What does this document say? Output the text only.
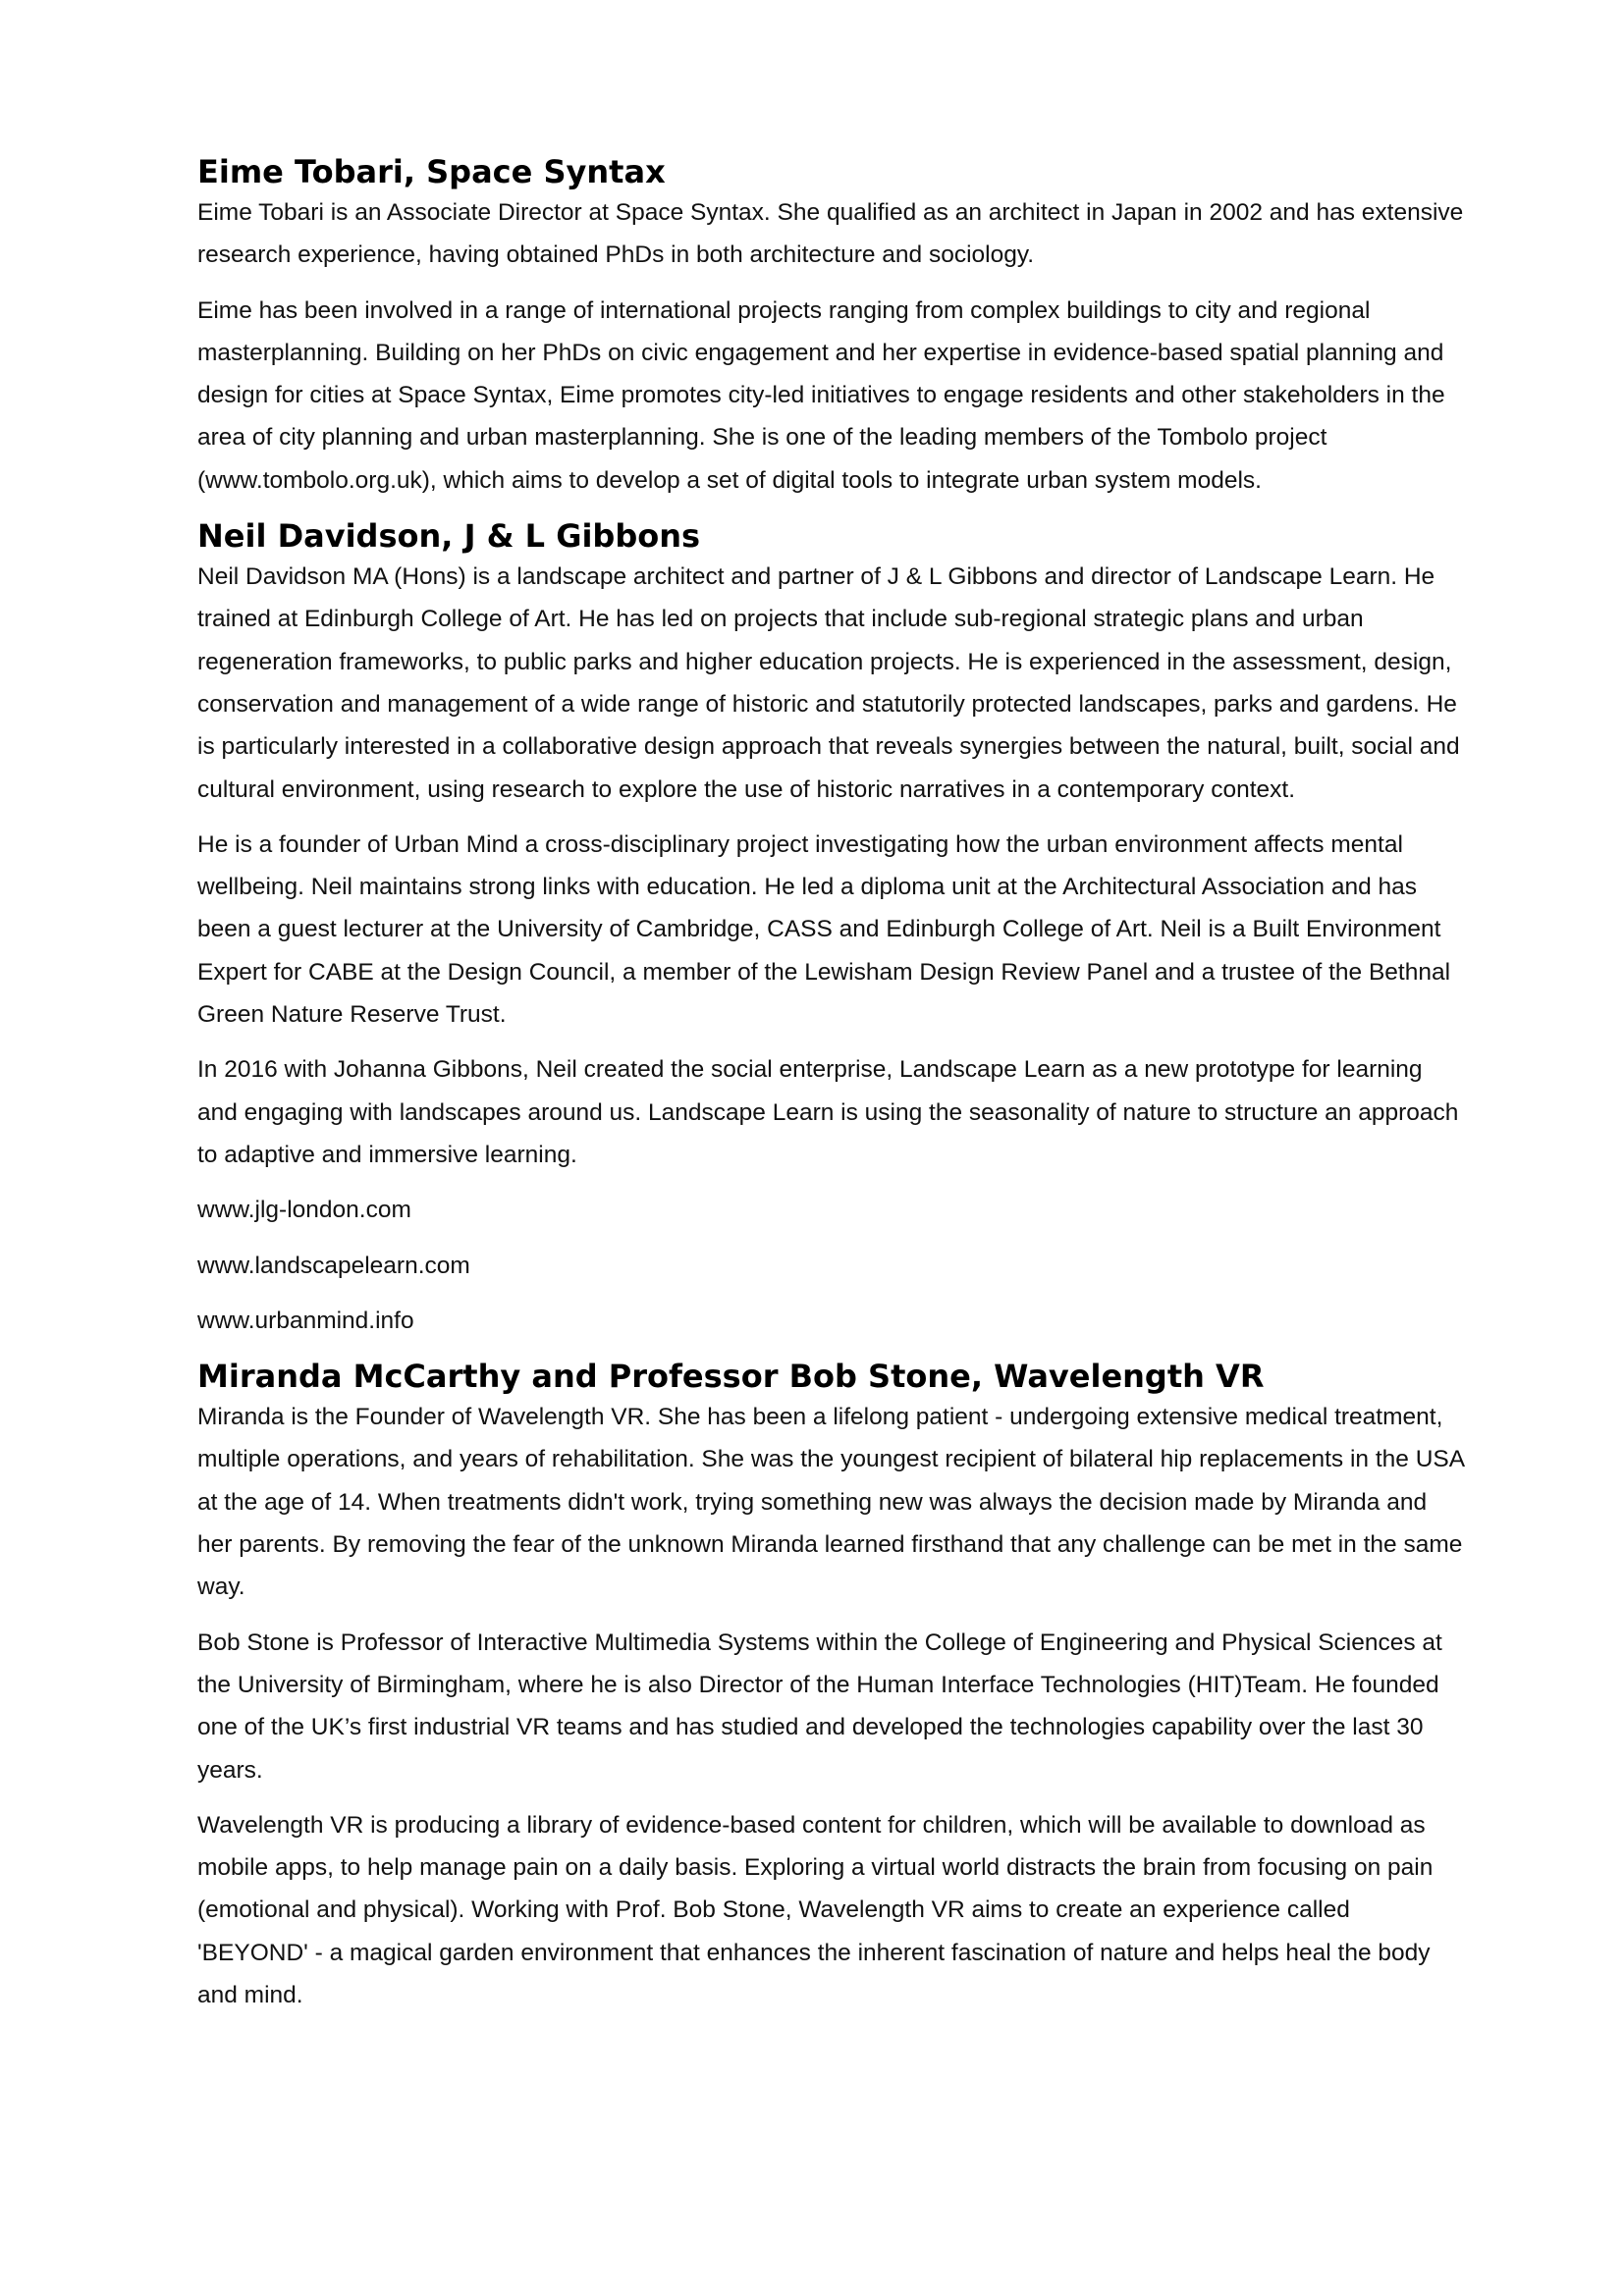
Eime Tobari, Space Syntax

Eime Tobari is an Associate Director at Space Syntax. She qualified as an architect in Japan in 2002 and has extensive research experience, having obtained PhDs in both architecture and sociology.

Eime has been involved in a range of international projects ranging from complex buildings to city and regional masterplanning. Building on her PhDs on civic engagement and her expertise in evidence-based spatial planning and design for cities at Space Syntax, Eime promotes city-led initiatives to engage residents and other stakeholders in the area of city planning and urban masterplanning. She is one of the leading members of the Tombolo project (www.tombolo.org.uk), which aims to develop a set of digital tools to integrate urban system models.

Neil Davidson, J & L Gibbons

Neil Davidson MA (Hons) is a landscape architect and partner of J & L Gibbons and director of Landscape Learn. He trained at Edinburgh College of Art. He has led on projects that include sub-regional strategic plans and urban regeneration frameworks, to public parks and higher education projects. He is experienced in the assessment, design, conservation and management of a wide range of historic and statutorily protected landscapes, parks and gardens. He is particularly interested in a collaborative design approach that reveals synergies between the natural, built, social and cultural environment, using research to explore the use of historic narratives in a contemporary context.

He is a founder of Urban Mind a cross-disciplinary project investigating how the urban environment affects mental wellbeing. Neil maintains strong links with education. He led a diploma unit at the Architectural Association and has been a guest lecturer at the University of Cambridge, CASS and Edinburgh College of Art. Neil is a Built Environment Expert for CABE at the Design Council, a member of the Lewisham Design Review Panel and a trustee of the Bethnal Green Nature Reserve Trust.

In 2016 with Johanna Gibbons, Neil created the social enterprise, Landscape Learn as a new prototype for learning and engaging with landscapes around us. Landscape Learn is using the seasonality of nature to structure an approach to adaptive and immersive learning.

www.jlg-london.com

www.landscapelearn.com

www.urbanmind.info

Miranda McCarthy and Professor Bob Stone, Wavelength VR

Miranda is the Founder of Wavelength VR. She has been a lifelong patient - undergoing extensive medical treatment, multiple operations, and years of rehabilitation. She was the youngest recipient of bilateral hip replacements in the USA at the age of 14. When treatments didn't work, trying something new was always the decision made by Miranda and her parents. By removing the fear of the unknown Miranda learned firsthand that any challenge can be met in the same way.

Bob Stone is Professor of Interactive Multimedia Systems within the College of Engineering and Physical Sciences at the University of Birmingham, where he is also Director of the Human Interface Technologies (HIT)Team. He founded one of the UK’s first industrial VR teams and has studied and developed the technologies capability over the last 30 years.

Wavelength VR is producing a library of evidence-based content for children, which will be available to download as mobile apps, to help manage pain on a daily basis. Exploring a virtual world distracts the brain from focusing on pain (emotional and physical). Working with Prof. Bob Stone, Wavelength VR aims to create an experience called 'BEYOND' - a magical garden environment that enhances the inherent fascination of nature and helps heal the body and mind.
